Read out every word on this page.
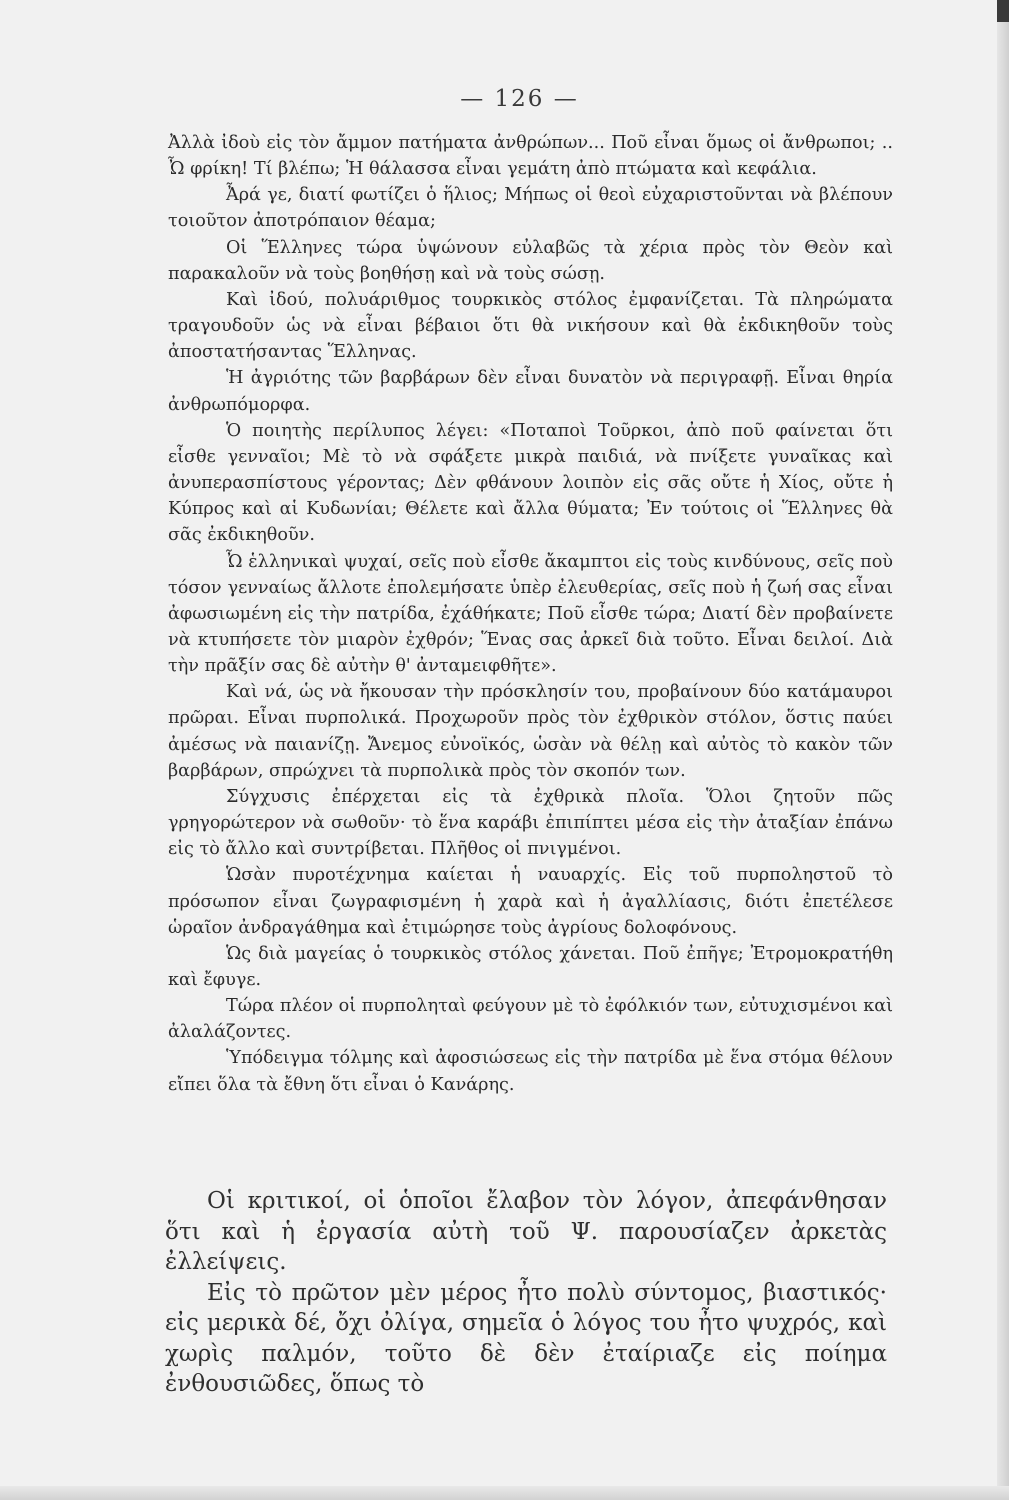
— 126 —

Ἀλλὰ ἰδοὺ εἰς τὸν ἄμμον πατήματα ἀνθρώπων... Ποῦ εἶναι ὅμως οἱ ἄνθρωποι; .. Ὦ φρίκη! Τί βλέπω; Ἡ θάλασσα εἶναι γεμάτη ἀπὸ πτώματα καὶ κεφάλια.

Ἆρά γε, διατί φωτίζει ὁ ἥλιος; Μήπως οἱ θεοὶ εὐχαριστοῦνται νὰ βλέπουν τοιοῦτον ἀποτρόπαιον θέαμα;

Οἱ Ἕλληνες τώρα ὑψώνουν εὐλαβῶς τὰ χέρια πρὸς τὸν Θεὸν καὶ παρακαλοῦν νὰ τοὺς βοηθήσῃ καὶ νὰ τοὺς σώσῃ.

Καὶ ἰδού, πολυάριθμος τουρκικὸς στόλος ἐμφανίζεται. Τὰ πληρώματα τραγουδοῦν ὡς νὰ εἶναι βέβαιοι ὅτι θὰ νικήσουν καὶ θὰ ἐκδικηθοῦν τοὺς ἀποστατήσαντας Ἕλληνας.

Ἡ ἀγριότης τῶν βαρβάρων δὲν εἶναι δυνατὸν νὰ περιγραφῇ. Εἶναι θηρία ἀνθρωπόμορφα.

Ὁ ποιητὴς περίλυπος λέγει: «Ποταποὶ Τοῦρκοι, ἀπὸ ποῦ φαίνεται ὅτι εἶσθε γενναῖοι; Μὲ τὸ νὰ σφάξετε μικρὰ παιδιά, νὰ πνίξετε γυναῖκας καὶ ἀνυπερασπίστους γέροντας; Δὲν φθάνουν λοιπὸν εἰς σᾶς οὔτε ἡ Χίος, οὔτε ἡ Κύπρος καὶ αἱ Κυδωνίαι; Θέλετε καὶ ἄλλα θύματα; Ἐν τούτοις οἱ Ἕλληνες θὰ σᾶς ἐκδικηθοῦν.

Ὦ ἑλληνικαὶ ψυχαί, σεῖς ποὺ εἶσθε ἄκαμπτοι εἰς τοὺς κινδύνους, σεῖς ποὺ τόσον γενναίως ἄλλοτε ἐπολεμήσατε ὑπὲρ ἐλευθερίας, σεῖς ποὺ ἡ ζωή σας εἶναι ἀφωσιωμένη εἰς τὴν πατρίδα, ἐχάθήκατε; Ποῦ εἶσθε τώρα; Διατί δὲν προβαίνετε νὰ κτυπήσετε τὸν μιαρὸν ἐχθρόν; Ἕνας σας ἀρκεῖ διὰ τοῦτο. Εἶναι δειλοί. Διὰ τὴν πρᾶξίν σας δὲ αὐτὴν θ' ἀνταμειφθῆτε».

Καὶ νά, ὡς νὰ ἤκουσαν τὴν πρόσκλησίν του, προβαίνουν δύο κατάμαυροι πρῶραι. Εἶναι πυρπολικά. Προχωροῦν πρὸς τὸν ἐχθρικὸν στόλον, ὅστις παύει ἀμέσως νὰ παιανίζῃ. Ἄνεμος εὐνοϊκός, ὡσὰν νὰ θέλῃ καὶ αὐτὸς τὸ κακὸν τῶν βαρβάρων, σπρώχνει τὰ πυρπολικὰ πρὸς τὸν σκοπόν των.

Σύγχυσις ἐπέρχεται εἰς τὰ ἐχθρικὰ πλοῖα. Ὅλοι ζητοῦν πῶς γρηγορώτερον νὰ σωθοῦν· τὸ ἕνα καράβι ἐπιπίπτει μέσα εἰς τὴν ἀταξίαν ἐπάνω εἰς τὸ ἄλλο καὶ συντρίβεται. Πλῆθος οἱ πνιγμένοι.

Ὡσὰν πυροτέχνημα καίεται ἡ ναυαρχίς. Εἰς τοῦ πυρποληστοῦ τὸ πρόσωπον εἶναι ζωγραφισμένη ἡ χαρὰ καὶ ἡ ἀγαλλίασις, διότι ἐπετέλεσε ὡραῖον ἀνδραγάθημα καὶ ἐτιμώρησε τοὺς ἀγρίους δολοφόνους.

Ὡς διὰ μαγείας ὁ τουρκικὸς στόλος χάνεται. Ποῦ ἐπῆγε; Ἐτρομοκρατήθη καὶ ἔφυγε.

Τώρα πλέον οἱ πυρποληταὶ φεύγουν μὲ τὸ ἐφόλκιόν των, εὐτυχισμένοι καὶ ἀλαλάζοντες.

Ὑπόδειγμα τόλμης καὶ ἀφοσιώσεως εἰς τὴν πατρίδα μὲ ἕνα στόμα θέλουν εἴπει ὅλα τὰ ἔθνη ὅτι εἶναι ὁ Κανάρης.

Οἱ κριτικοί, οἱ ὁποῖοι ἔλαβον τὸν λόγον, ἀπεφάνθησαν ὅτι καὶ ἡ ἐργασία αὐτὴ τοῦ Ψ. παρουσίαζεν ἀρκετὰς ἐλλείψεις.

Εἰς τὸ πρῶτον μὲν μέρος ἦτο πολὺ σύντομος, βιαστικός· εἰς μερικὰ δέ, ὄχι ὀλίγα, σημεῖα ὁ λόγος του ἦτο ψυχρός, καὶ χωρὶς παλμόν, τοῦτο δὲ δὲν ἐταίριαζε εἰς ποίημα ἐνθουσιῶδες, ὅπως τὸ
